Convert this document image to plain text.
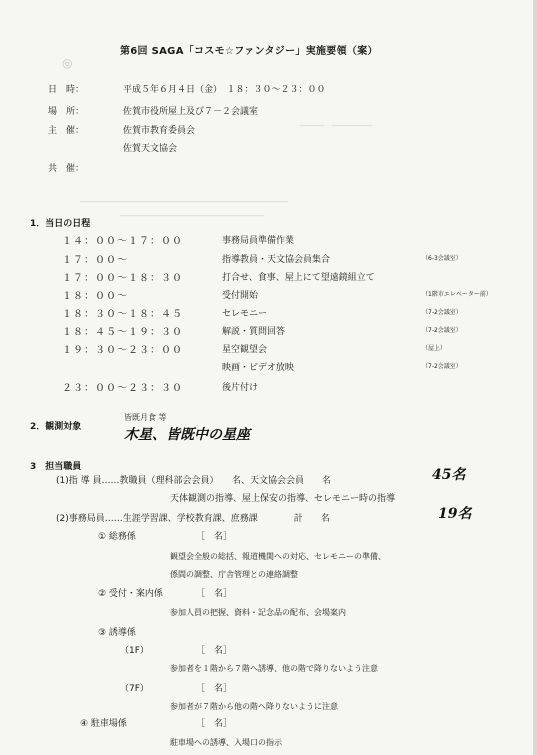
◎
―――　―――――
――――――――――――――――――――――――――
――――――――――――――――――
第6回 SAGA「コスモ☆ファンタジー」実施要領（案）
日　時：	平成５年６月４日（金）　１８：３０～２３：００
場　所：	佐賀市役所屋上及び７－２会議室
主　催：	佐賀市教育委員会
佐賀天文協会
共　催：
1．当日の日程
１４：００～１７：００	事務局員準備作業
１７：００～	指導教員・天文協会員集合	（6-3会議室）
１７：００～１８：３０	打合せ、食事、屋上にて望遠鏡組立て
１８：００～	受付開始	（1階市エレベーター前）
１８：３０～１８：４５	セレモニー	（7-2会議室）
１８：４５～１９：３０	解説・質問回答	（7-2会議室）
１９：３０～２３：００	星空観望会	（屋上）
映画・ビデオ放映	（7-2会議室）
２３：００～２３：３０	後片付け
2．観測対象
皆既月食 等
木星、皆既中の星座
3　担当職員
(1)指 導 員……教職員（理科部会会員）　　名、天文協会会員　　名	45名
天体観測の指導、屋上保安の指導、セレモニー時の指導
(2)事務局員……生涯学習課、学校教育課、庶務課　　　　計　　名	19名
① 総務係	［　名］
観望会全般の総括、報道機関への対応、セレモニーの準備、
係間の調整、庁舎管理との連絡調整
② 受付・案内係	［　名］
参加人員の把握、資料・記念品の配布、会場案内
③ 誘導係
（1F）	［　名］
参加者を１階から７階へ誘導、他の階で降りないよう注意
（7F）	［　名］
参加者が７階から他の階へ降りないように注意
④ 駐車場係	［　名］
駐車場への誘導、入場口の指示
